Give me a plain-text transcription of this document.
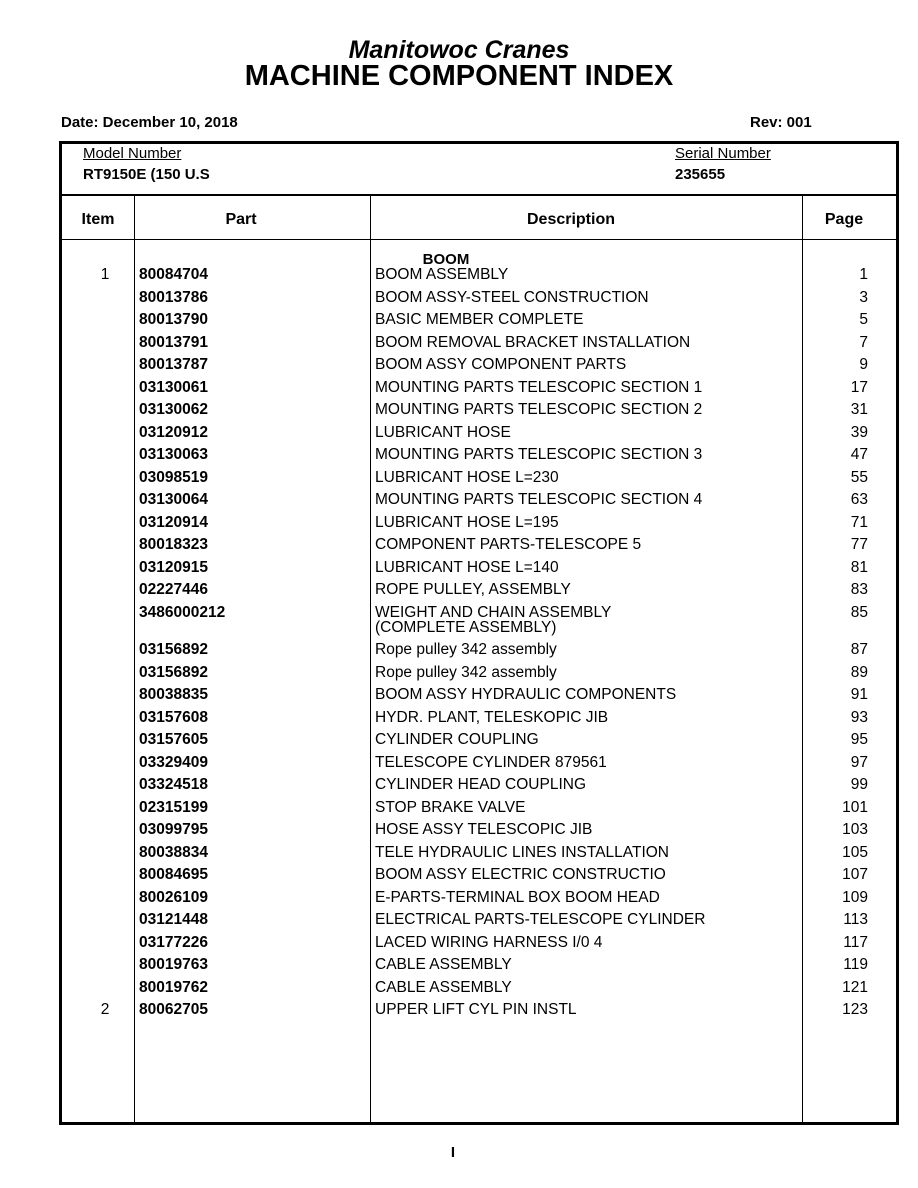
Manitowoc Cranes
MACHINE COMPONENT INDEX
Date: December 10, 2018	Rev: 001
Model Number
RT9150E (150 U.S
Serial Number
235655
Item	Part	Description	Page
BOOM
1	80084704	BOOM ASSEMBLY	1
80013786	BOOM ASSY-STEEL CONSTRUCTION	3
80013790	BASIC MEMBER COMPLETE	5
80013791	BOOM REMOVAL BRACKET INSTALLATION	7
80013787	BOOM ASSY COMPONENT PARTS	9
03130061	MOUNTING PARTS TELESCOPIC SECTION 1	17
03130062	MOUNTING PARTS TELESCOPIC SECTION 2	31
03120912	LUBRICANT HOSE	39
03130063	MOUNTING PARTS TELESCOPIC SECTION 3	47
03098519	LUBRICANT HOSE L=230	55
03130064	MOUNTING PARTS TELESCOPIC SECTION 4	63
03120914	LUBRICANT HOSE L=195	71
80018323	COMPONENT PARTS-TELESCOPE 5	77
03120915	LUBRICANT HOSE L=140	81
02227446	ROPE PULLEY, ASSEMBLY	83
3486000212	WEIGHT AND CHAIN ASSEMBLY	85
(COMPLETE ASSEMBLY)
03156892	Rope pulley 342 assembly	87
03156892	Rope pulley 342 assembly	89
80038835	BOOM ASSY HYDRAULIC COMPONENTS	91
03157608	HYDR. PLANT, TELESKOPIC JIB	93
03157605	CYLINDER COUPLING	95
03329409	TELESCOPE CYLINDER 879561	97
03324518	CYLINDER HEAD COUPLING	99
02315199	STOP BRAKE VALVE	101
03099795	HOSE ASSY TELESCOPIC JIB	103
80038834	TELE HYDRAULIC LINES INSTALLATION	105
80084695	BOOM ASSY ELECTRIC CONSTRUCTIO	107
80026109	E-PARTS-TERMINAL BOX BOOM HEAD	109
03121448	ELECTRICAL PARTS-TELESCOPE CYLINDER	113
03177226	LACED WIRING HARNESS I/0 4	117
80019763	CABLE ASSEMBLY	119
80019762	CABLE ASSEMBLY	121
2	80062705	UPPER LIFT CYL PIN INSTL	123
I
